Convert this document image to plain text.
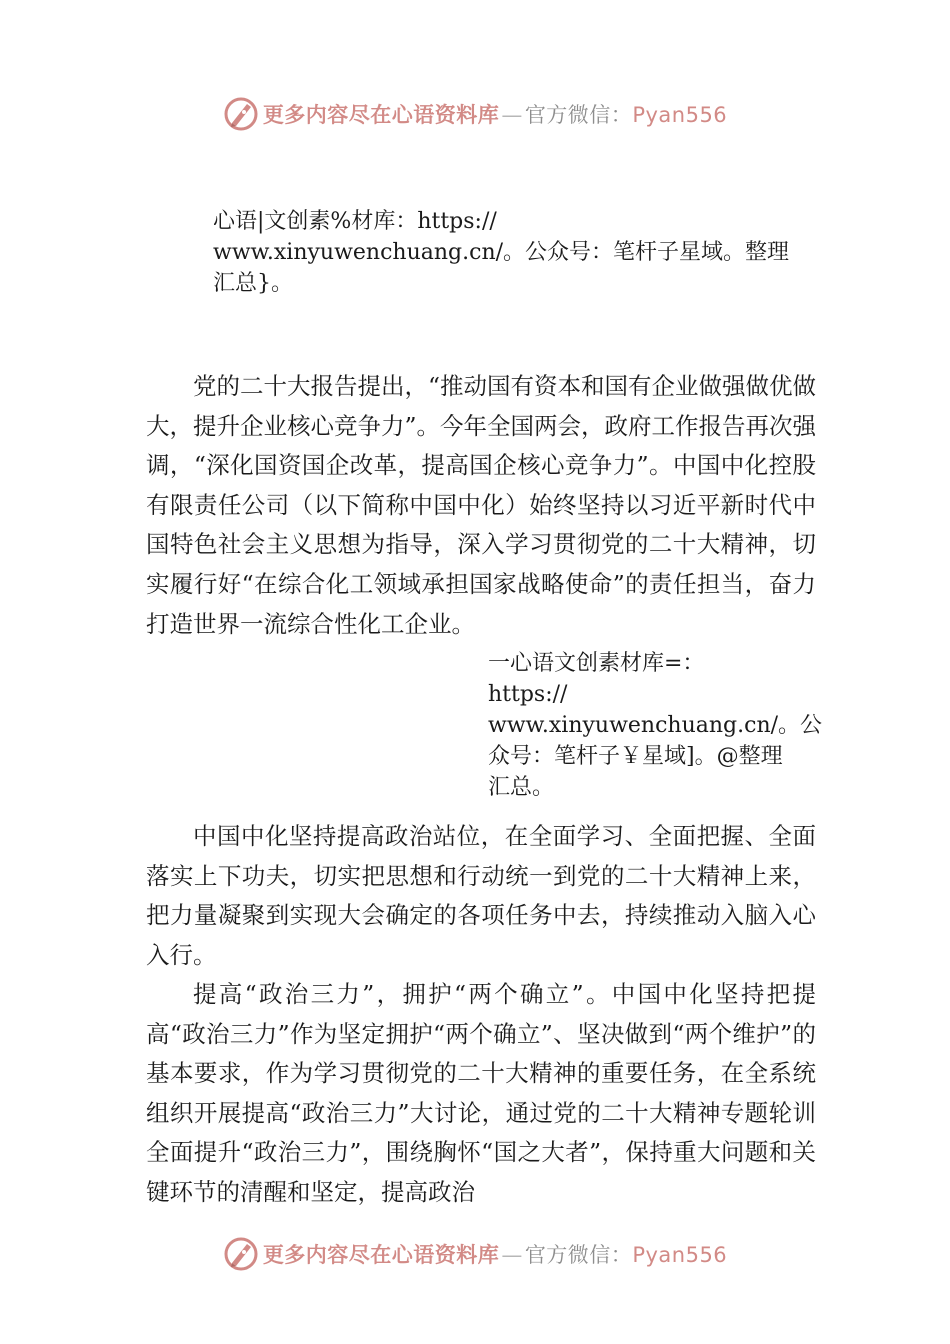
更多内容尽在心语资料库—官方微信：Pyan556
心语|文创素%材库：https://
www.xinyuwenchuang.cn/。公众号：笔杆子星域。整理
汇总}。

党的二十大报告提出，“推动国有资本和国有企业做强做优做大，提升企业核心竞争力”。今年全国两会，政府工作报告再次强调，“深化国资国企改革，提高国企核心竞争力”。中国中化控股有限责任公司（以下简称中国中化）始终坚持以习近平新时代中国特色社会主义思想为指导，深入学习贯彻党的二十大精神，切实履行好“在综合化工领域承担国家战略使命”的责任担当，奋力打造世界一流综合性化工企业。

一心语文创素材库=：
https://
www.xinyuwenchuang.cn/。公
众号：笔杆子￥星域]。@整理
汇总。

中国中化坚持提高政治站位，在全面学习、全面把握、全面落实上下功夫，切实把思想和行动统一到党的二十大精神上来，把力量凝聚到实现大会确定的各项任务中去，持续推动入脑入心入行。

提高“政治三力”，拥护“两个确立”。中国中化坚持把提高“政治三力”作为坚定拥护“两个确立”、坚决做到“两个维护”的基本要求，作为学习贯彻党的二十大精神的重要任务，在全系统组织开展提高“政治三力”大讨论，通过党的二十大精神专题轮训全面提升“政治三力”，围绕胸怀“国之大者”，保持重大问题和关键环节的清醒和坚定，提高政治

更多内容尽在心语资料库—官方微信：Pyan556
